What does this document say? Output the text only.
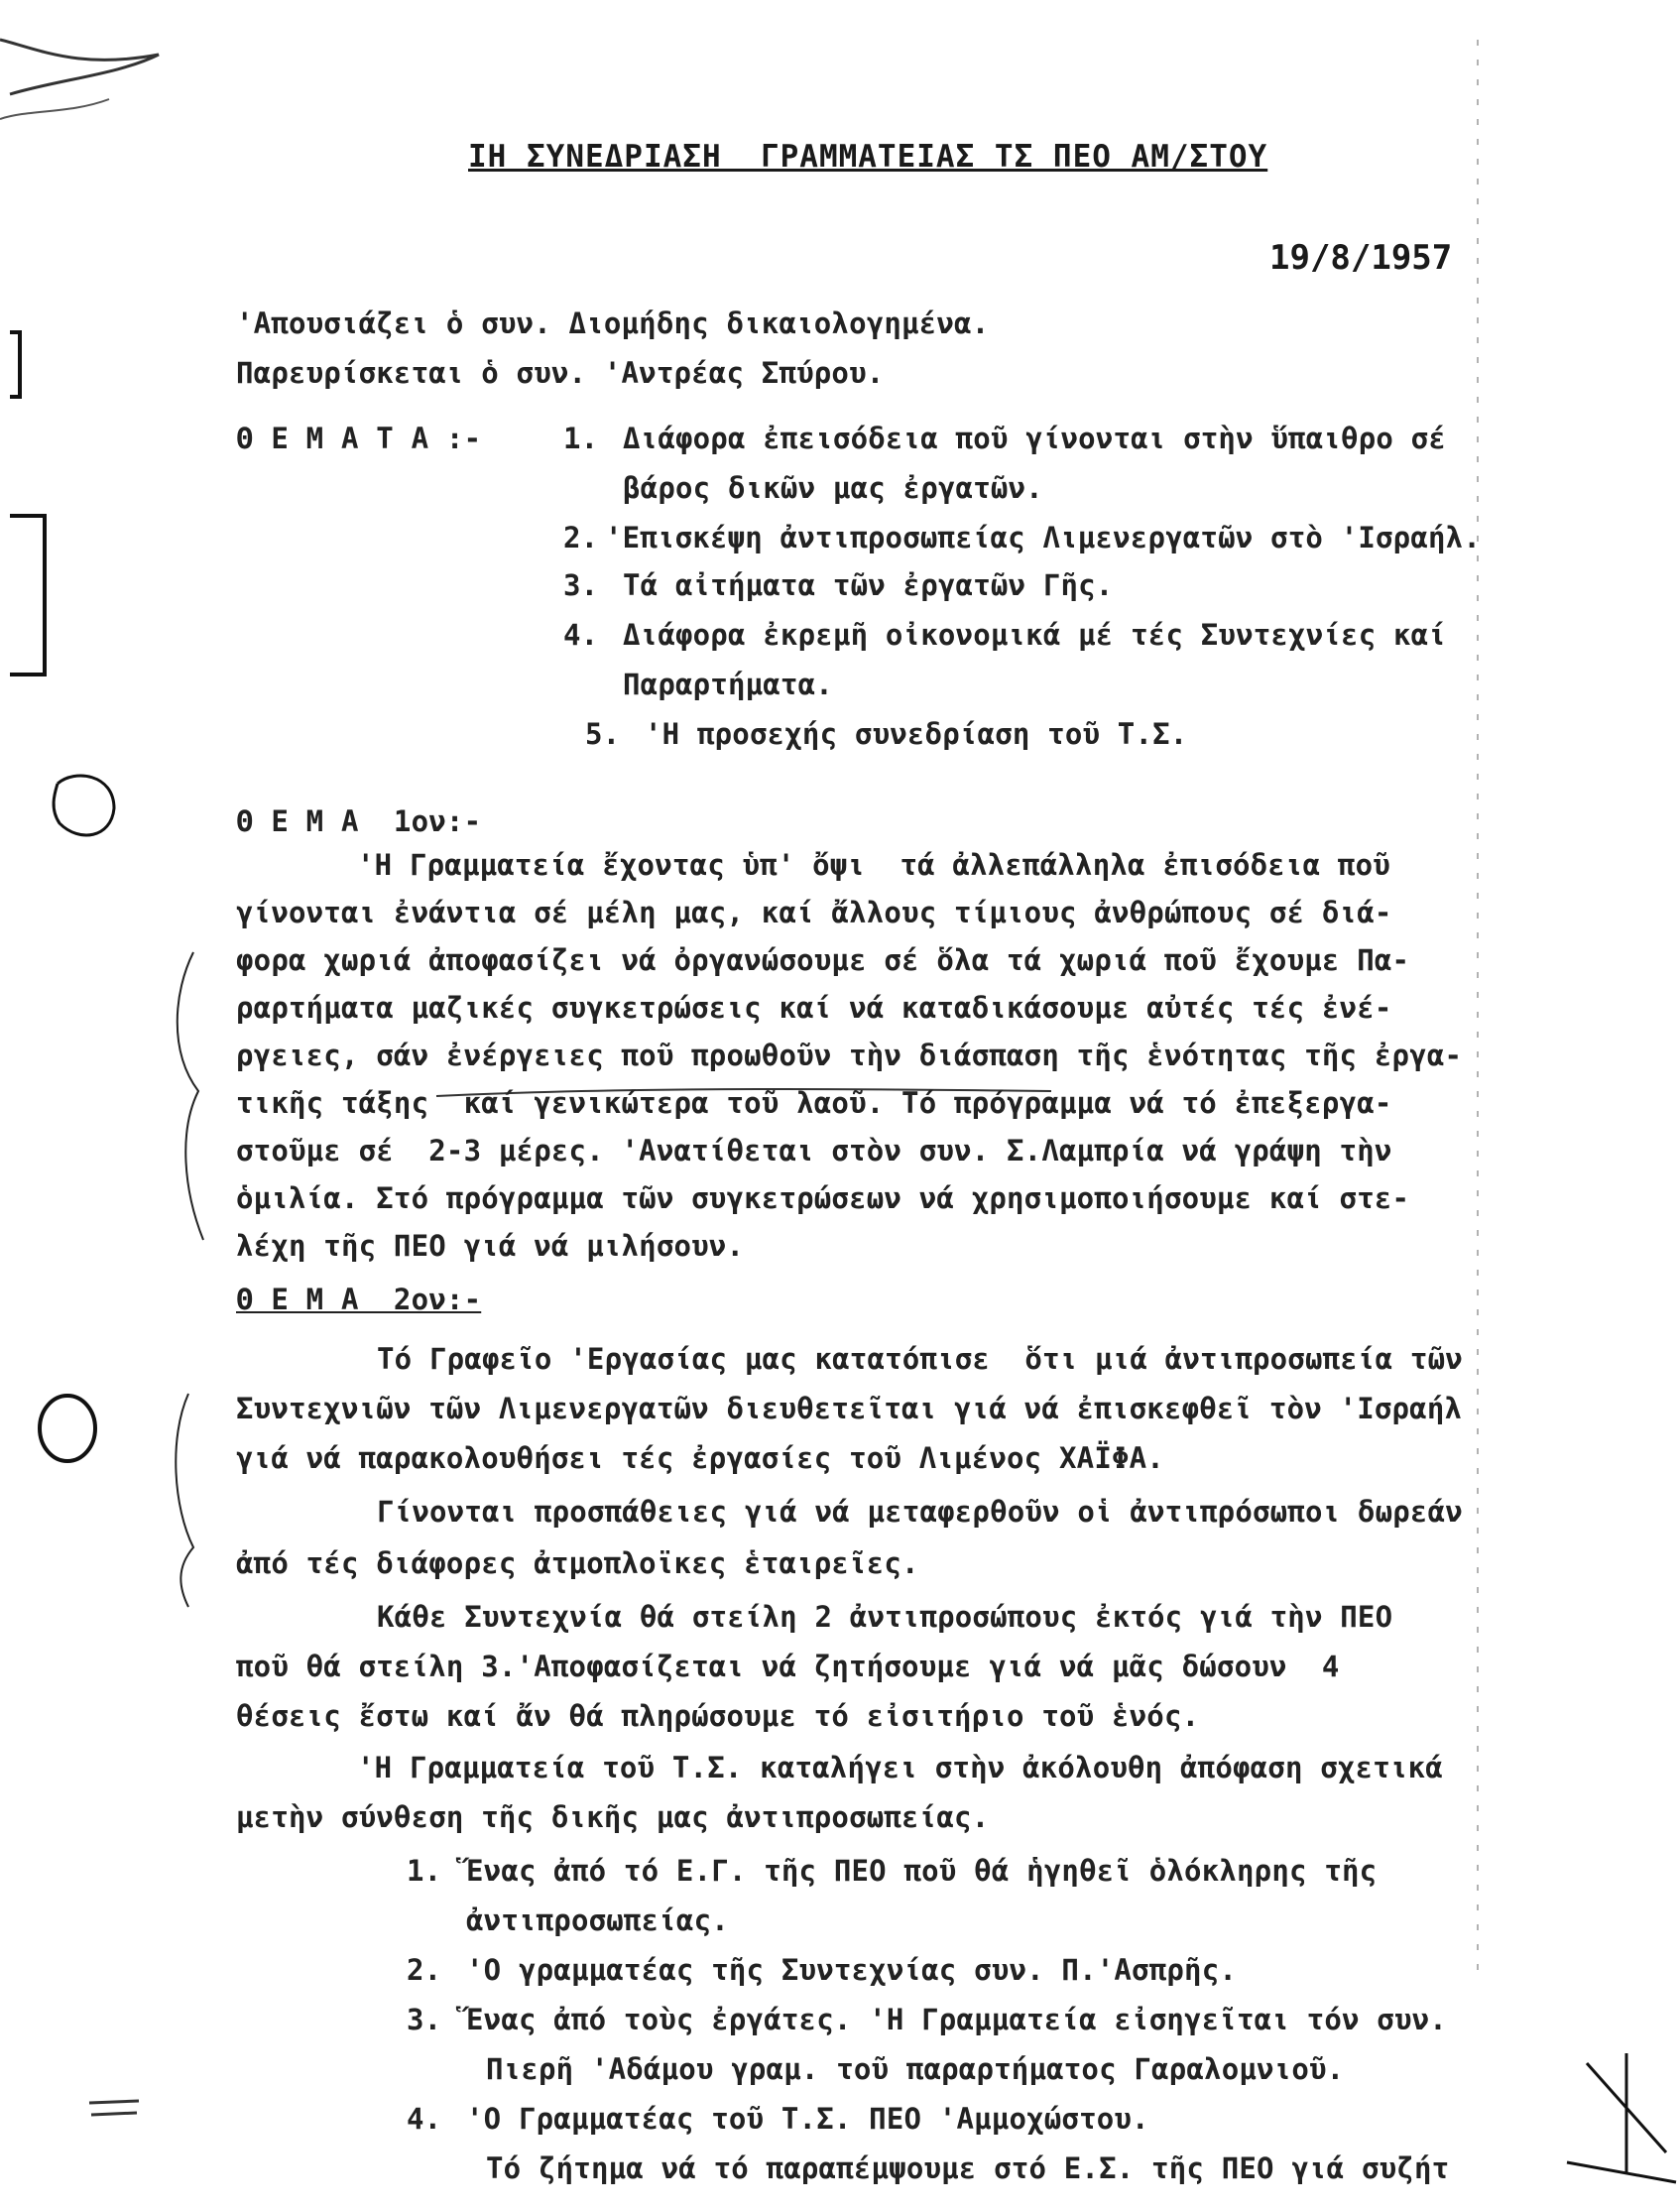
ΙΗ ΣΥΝΕΔΡΙΑΣΗ  ΓΡΑΜΜΑΤΕΙΑΣ ΤΣ ΠΕΟ ΑΜ/ΣΤΟΥ
19/8/1957
'Απουσιάζει ὁ συν. Διομήδης δικαιολογημένα.
Παρευρίσκεται ὁ συν. 'Αντρέας Σπύρου.
Θ Ε Μ Α Τ Α :-	1. Διάφορα ἐπεισόδεια ποῦ γίνονται στὴν ὕπαιθρο σέ
βάρος δικῶν μας ἐργατῶν.
2. 'Επισκέψη ἀντιπροσωπείας Λιμενεργατῶν στὸ 'Ισραήλ.
3. Τά αἰτήματα τῶν ἐργατῶν Γῆς.
4. Διάφορα ἐκρεμῆ οἰκονομικά μέ τές Συντεχνίες καί
Παραρτήματα.
5. 'Η προσεχής συνεδρίαση τοῦ Τ.Σ.
Θ Ε Μ Α  1ον:-
'Η Γραμματεία ἔχοντας ὑπ' ὄψι  τά ἀλλεπάλληλα ἐπισόδεια ποῦ
γίνονται ἐνάντια σέ μέλη μας, καί ἄλλους τίμιους ἀνθρώπους σέ διά-
φορα χωριά ἀποφασίζει νά ὀργανώσουμε σέ ὅλα τά χωριά ποῦ ἔχουμε Πα-
ραρτήματα μαζικές συγκετρώσεις καί νά καταδικάσουμε αὐτές τές ἐνέ-
ργειες, σάν ἐνέργειες ποῦ προωθοῦν τὴν διάσπαση τῆς ἑνότητας τῆς ἐργα-
τικῆς τάξης  καί γενικώτερα τοῦ λαοῦ. Τό πρόγραμμα νά τό ἐπεξεργα-
στοῦμε σέ  2-3 μέρες. 'Ανατίθεται στὸν συν. Σ.Λαμπρία νά γράψη τὴν
ὁμιλία. Στό πρόγραμμα τῶν συγκετρώσεων νά χρησιμοποιήσουμε καί στε-
λέχη τῆς ΠΕΟ γιά νά μιλήσουν.
Θ Ε Μ Α  2ον:-
Τό Γραφεῖο 'Εργασίας μας κατατόπισε  ὅτι μιά ἀντιπροσωπεία τῶν
Συντεχνιῶν τῶν Λιμενεργατῶν διευθετεῖται γιά νά ἐπισκεφθεῖ τὸν 'Ισραήλ
γιά νά παρακολουθήσει τές ἐργασίες τοῦ Λιμένος ΧΑΪΦΑ.
Γίνονται προσπάθειες γιά νά μεταφερθοῦν οἱ ἀντιπρόσωποι δωρεάν
ἀπό τές διάφορες ἀτμοπλοϊκες ἑταιρεῖες.
Κάθε Συντεχνία θά στείλη 2 ἀντιπροσώπους ἐκτός γιά τὴν ΠΕΟ
ποῦ θά στείλη 3.'Αποφασίζεται νά ζητήσουμε γιά νά μᾶς δώσουν  4
θέσεις ἔστω καί ἄν θά πληρώσουμε τό εἰσιτήριο τοῦ ἑνός.
'Η Γραμματεία τοῦ Τ.Σ. καταλήγει στὴν ἀκόλουθη ἀπόφαση σχετικά
μετὴν σύνθεση τῆς δικῆς μας ἀντιπροσωπείας.
1. Ἕνας ἀπό τό Ε.Γ. τῆς ΠΕΟ ποῦ θά ἡγηθεῖ ὁλόκληρης τῆς
ἀντιπροσωπείας.
2. 'Ο γραμματέας τῆς Συντεχνίας συν. Π.'Ασπρῆς.
3. Ἕνας ἀπό τοὺς ἐργάτες. 'Η Γραμματεία εἰσηγεῖται τόν συν.
Πιερῆ 'Αδάμου γραμ. τοῦ παραρτήματος Γαραλομνιοῦ.
4. 'Ο Γραμματέας τοῦ Τ.Σ. ΠΕΟ 'Αμμοχώστου.
Τό ζήτημα νά τό παραπέμψουμε στό Ε.Σ. τῆς ΠΕΟ γιά συζήτ
